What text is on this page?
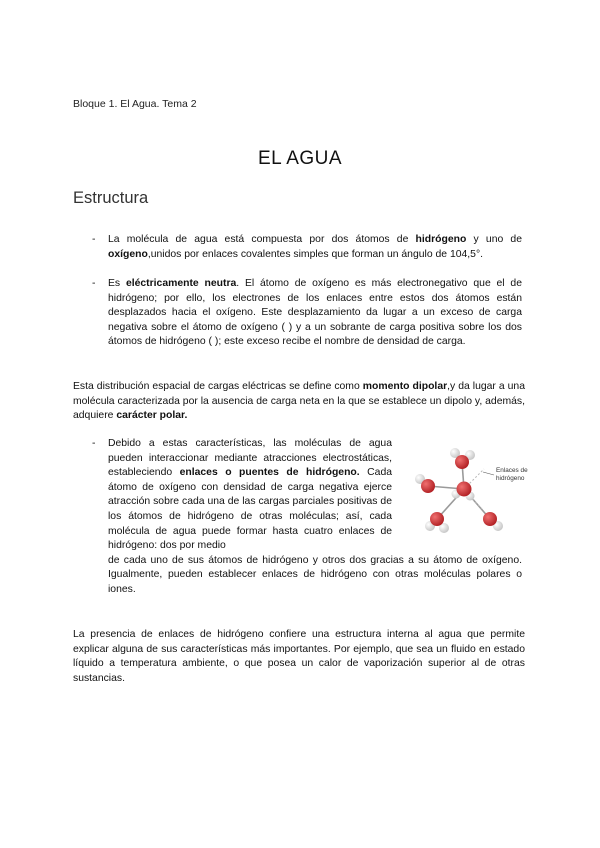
Bloque 1. El Agua. Tema 2
EL AGUA
Estructura
- La molécula de agua está compuesta por dos átomos de hidrógeno y uno de oxígeno,unidos por enlaces covalentes simples que forman un ángulo de 104,5°.
- Es eléctricamente neutra. El átomo de oxígeno es más electronegativo que el de hidrógeno; por ello, los electrones de los enlaces entre estos dos átomos están desplazados hacia el oxígeno. Este desplazamiento da lugar a un exceso de carga negativa sobre el átomo de oxígeno ( ) y a un sobrante de carga positiva sobre los dos átomos de hidrógeno ( ); este exceso recibe el nombre de densidad de carga.
Esta distribución espacial de cargas eléctricas se define como momento dipolar,y da lugar a una molécula caracterizada por la ausencia de carga neta en la que se establece un dipolo y, además, adquiere carácter polar.
- Debido a estas características, las moléculas de agua pueden interaccionar mediante atracciones electrostáticas, estableciendo enlaces o puentes de hidrógeno. Cada átomo de oxígeno con densidad de carga negativa ejerce atracción sobre cada una de las cargas parciales positivas de los átomos de hidrógeno de otras moléculas; así, cada molécula de agua puede formar hasta cuatro enlaces de hidrógeno: dos por medio
de cada uno de sus átomos de hidrógeno y otros dos gracias a su átomo de oxígeno. Igualmente, pueden establecer enlaces de hidrógeno con otras moléculas polares o iones.
Enlaces de
hidrógeno
La presencia de enlaces de hidrógeno confiere una estructura interna al agua que permite explicar alguna de sus características más importantes. Por ejemplo, que sea un fluido en estado líquido a temperatura ambiente, o que posea un calor de vaporización superior al de otras sustancias.
